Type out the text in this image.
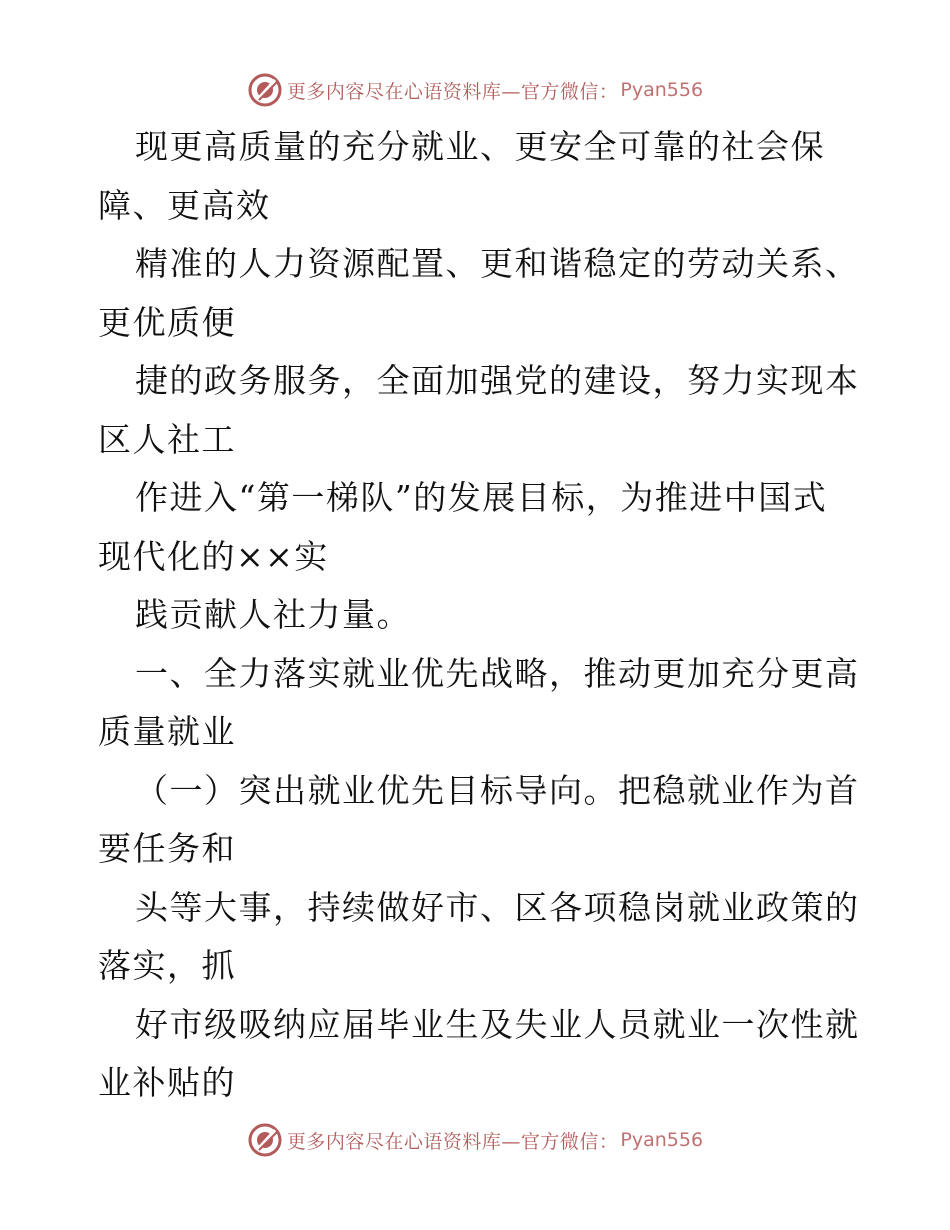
更多内容尽在心语资料库—官方微信： Pyan556
现更高质量的充分就业、更安全可靠的社会保
障、更高效
精准的人力资源配置、更和谐稳定的劳动关系、
更优质便
捷的政务服务，全面加强党的建设，努力实现本
区人社工
作进入“第一梯队”的发展目标，为推进中国式
现代化的××实
践贡献人社力量。
一、全力落实就业优先战略，推动更加充分更高
质量就业
（一）突出就业优先目标导向。把稳就业作为首
要任务和
头等大事，持续做好市、区各项稳岗就业政策的
落实，抓
好市级吸纳应届毕业生及失业人员就业一次性就
业补贴的
更多内容尽在心语资料库—官方微信： Pyan556
